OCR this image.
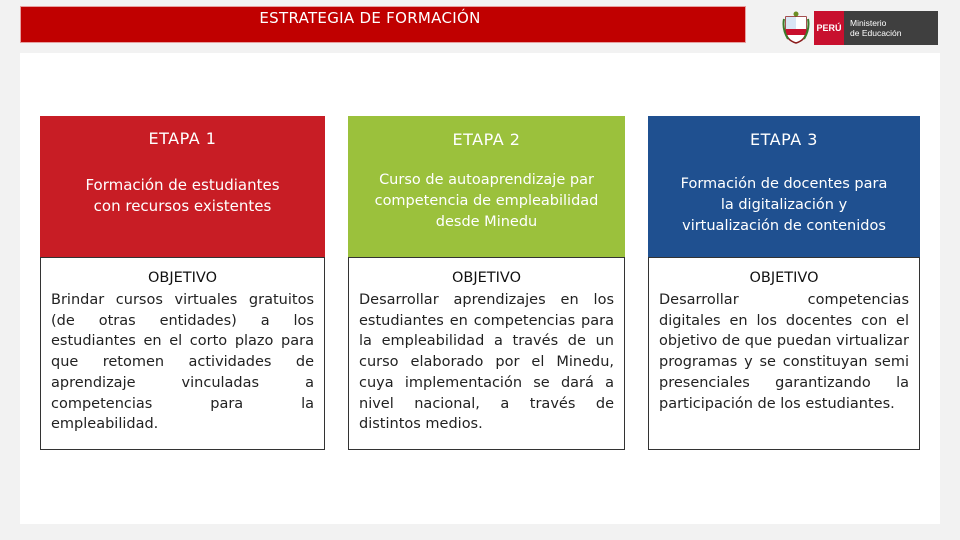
ESTRATEGIA DE FORMACIÓN
PERÚ Ministerio
de Educación
ETAPA 1
Formación de estudiantes
con recursos existentes
OBJETIVO
Brindar cursos virtuales gratuitos (de otras entidades) a los estudiantes en el corto plazo para que retomen actividades de aprendizaje vinculadas a competencias para la empleabilidad.
ETAPA 2
Curso de autoaprendizaje par
competencia de empleabilidad
desde Minedu
OBJETIVO
Desarrollar aprendizajes en los estudiantes en competencias para la empleabilidad a través de un curso elaborado por el Minedu, cuya implementación se dará a nivel nacional, a través de distintos medios.
ETAPA 3
Formación de docentes para
la digitalización y
virtualización de contenidos
OBJETIVO
Desarrollar competencias digitales en los docentes con el objetivo de que puedan virtualizar programas y se constituyan semi presenciales garantizando la participación de los estudiantes.
